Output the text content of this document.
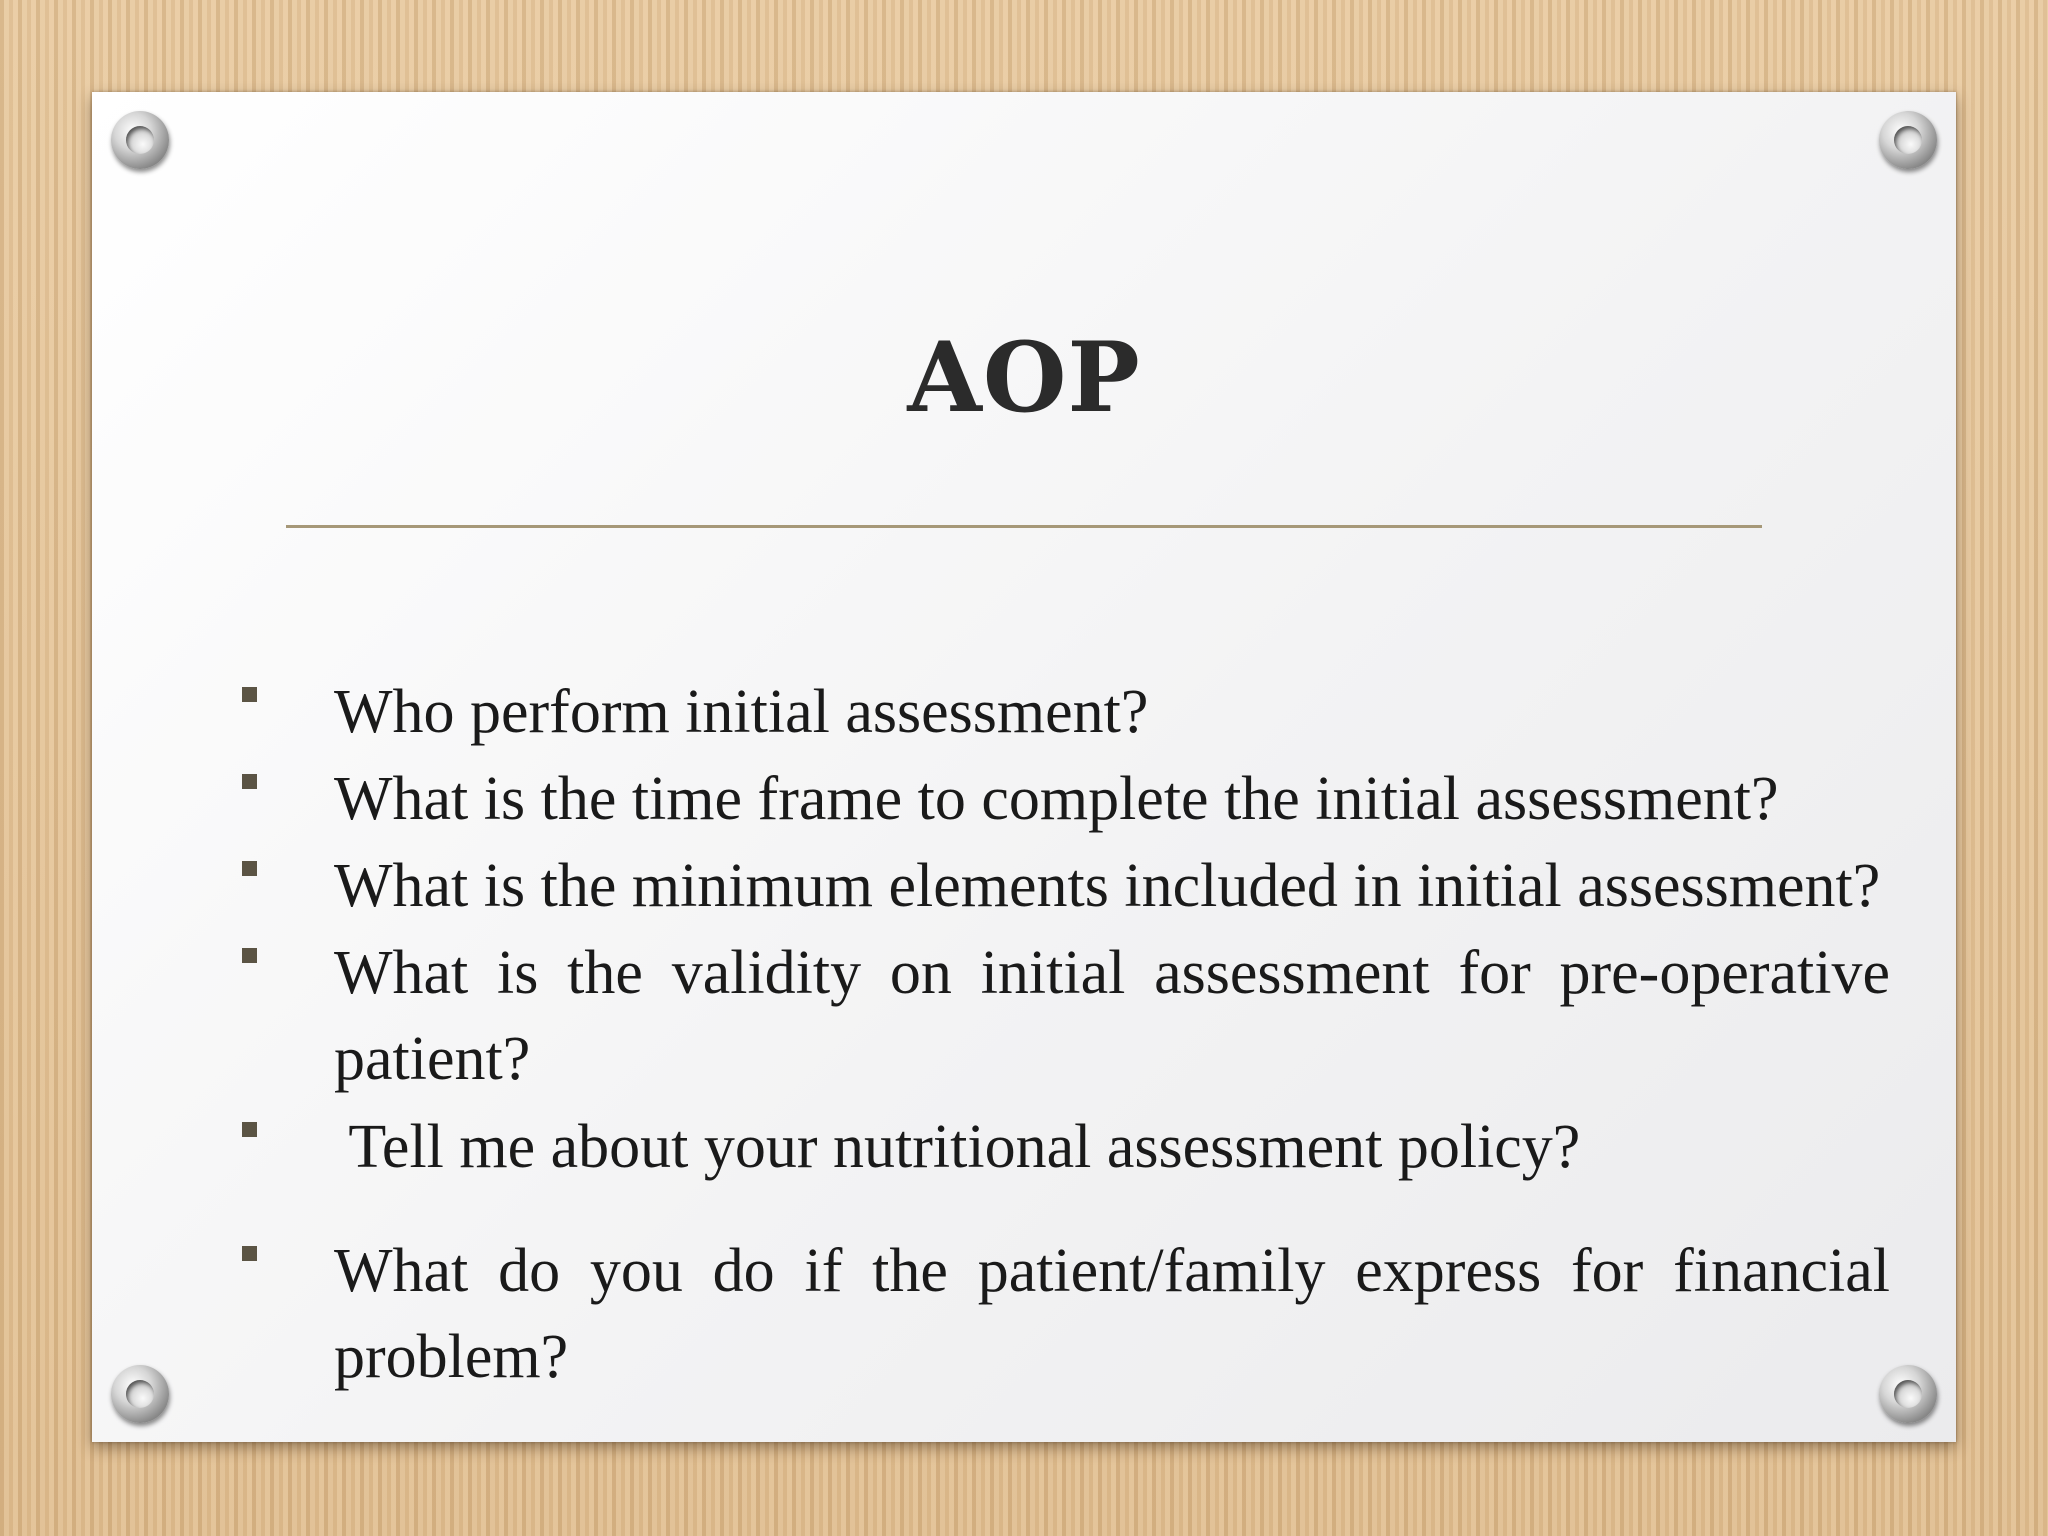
AOP
Who perform initial assessment?
What is the time frame to complete the initial assessment?
What is the minimum elements included in initial assessment?
What is the validity on initial assessment for pre-operative patient?
Tell me about your nutritional assessment policy?
What do you do if the patient/family express for financial problem?
